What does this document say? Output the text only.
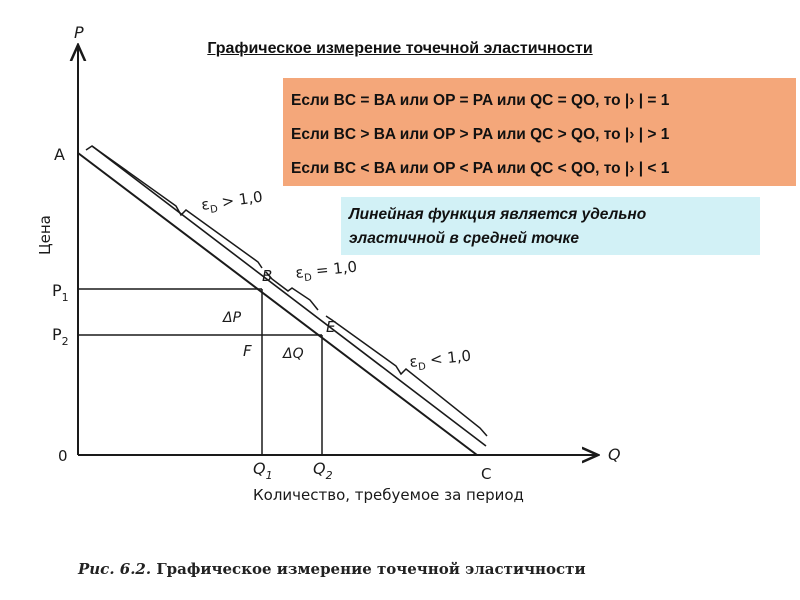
P
Q
Цена
Количество, требуемое за период
0
A
B
E
F
C
$P_1$
$P_2$
$Q_1$	$Q_2$
ΔP
ΔQ
$\varepsilon_D > 1,0$
$\varepsilon_D = 1,0$
$\varepsilon_D < 1,0$
Графическое измерение точечной эластичности
Если BC = BA или OP = PA или QC = QO, то |› | = 1
Если BC > BA или OP > PA или QC > QO, то |› | > 1
Если BC < BA или OP < PA или QC < QO, то |› | < 1
Линейная функция является удельно
эластичной в средней точке
Рис. 6.2. Графическое измерение точечной эластичности
